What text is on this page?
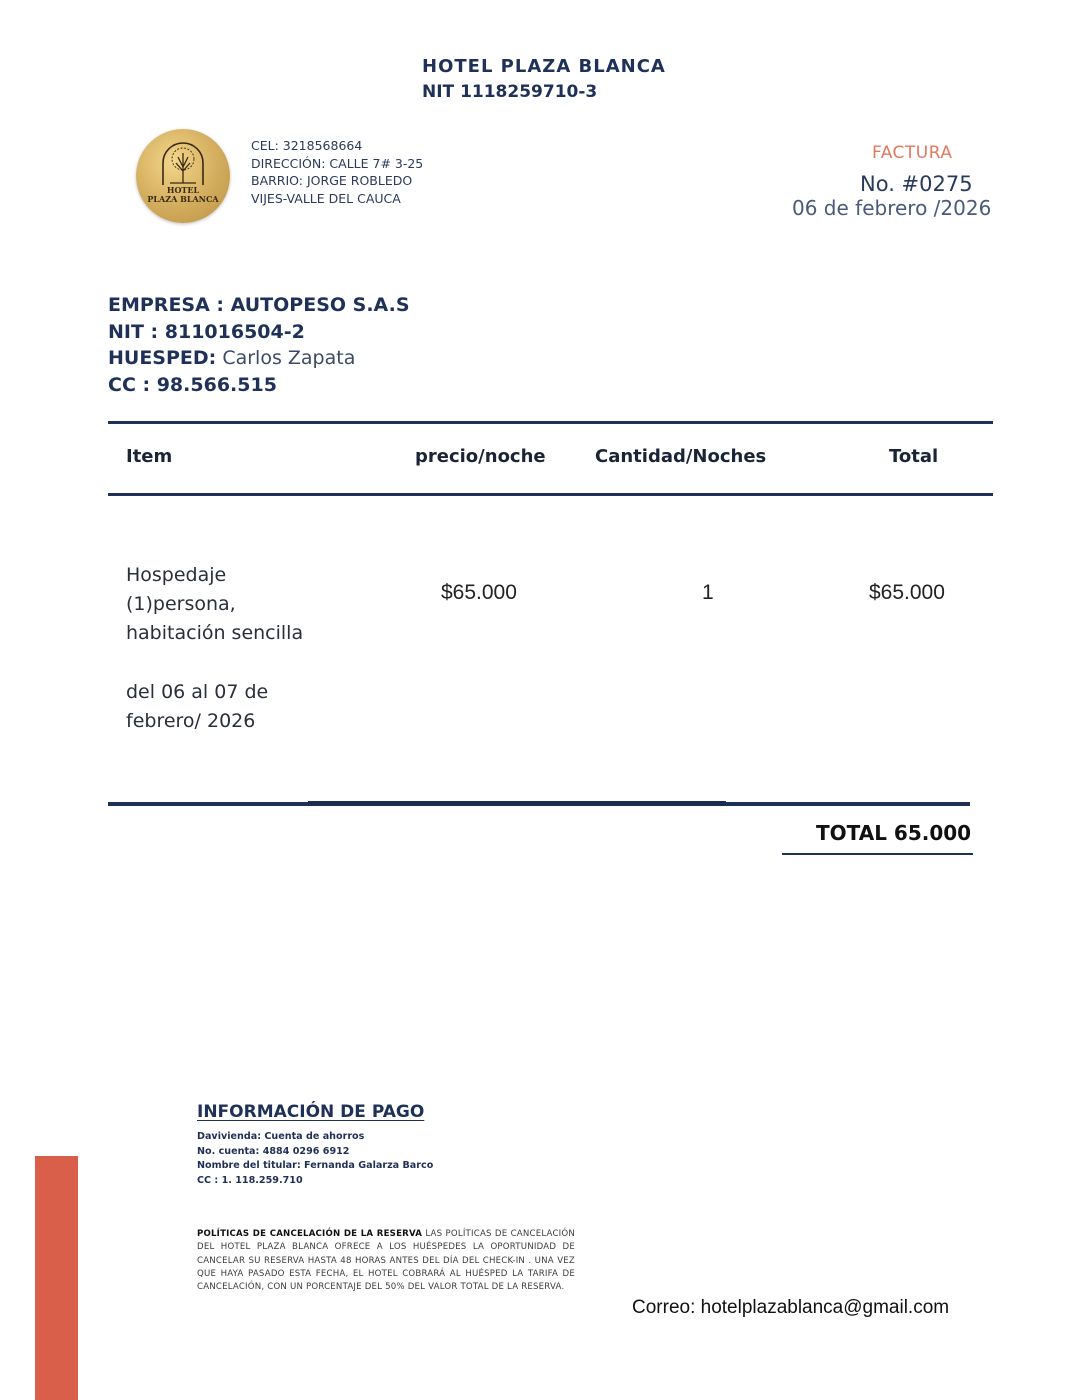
HOTEL PLAZA BLANCA
NIT 1118259710-3
HOTEL
PLAZA BLANCA
CEL: 3218568664
DIRECCIÓN: CALLE 7# 3-25
BARRIO: JORGE ROBLEDO
VIJES-VALLE DEL CAUCA
FACTURA
No. #0275
06 de febrero /2026
EMPRESA : AUTOPESO S.A.S
NIT : 811016504-2
HUESPED: Carlos Zapata
CC : 98.566.515
Item	precio/noche	Cantidad/Noches	Total
Hospedaje
(1)persona,
habitación sencilla
del 06 al 07 de
febrero/ 2026
$65.000	1	$65.000
TOTAL 65.000
INFORMACIÓN DE PAGO
Davivienda: Cuenta de ahorros
No. cuenta: 4884 0296 6912
Nombre del titular: Fernanda Galarza Barco
CC : 1. 118.259.710
POLÍTICAS DE CANCELACIÓN DE LA RESERVA LAS POLÍTICAS DE CANCELACIÓN DEL HOTEL PLAZA BLANCA OFRECE A LOS HUÉSPEDES LA OPORTUNIDAD DE CANCELAR SU RESERVA HASTA 48 HORAS ANTES DEL DÍA DEL CHECK-IN . UNA VEZ QUE HAYA PASADO ESTA FECHA, EL HOTEL COBRARÁ AL HUÉSPED LA TARIFA DE CANCELACIÓN, CON UN PORCENTAJE DEL 50% DEL VALOR TOTAL DE LA RESERVA.
Correo: hotelplazablanca@gmail.com
